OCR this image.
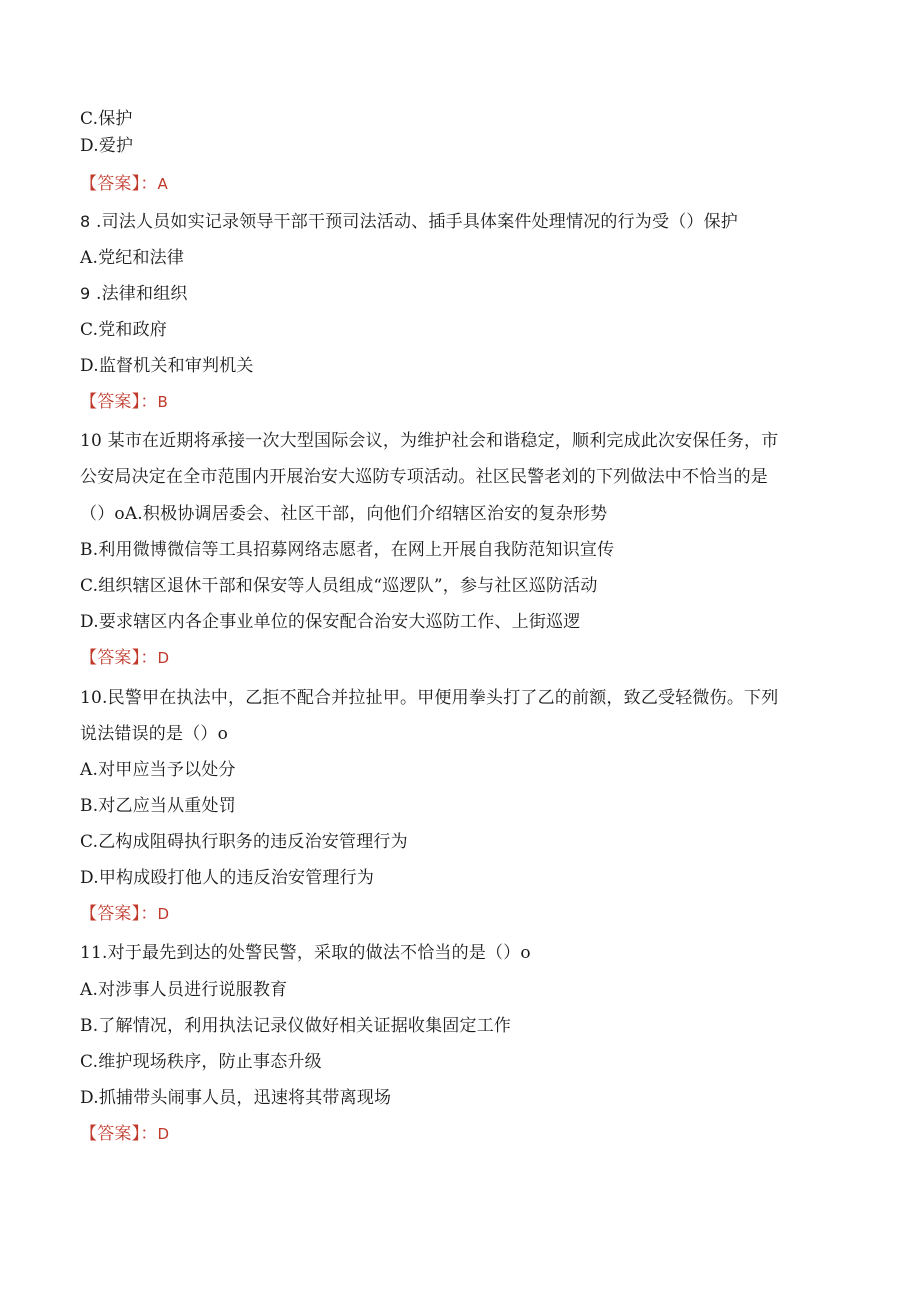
C.保护
D.爱护
【答案】：A
8 .司法人员如实记录领导干部干预司法活动、插手具体案件处理情况的行为受（）保护
A.党纪和法律
9 .法律和组织
C.党和政府
D.监督机关和审判机关
【答案】：B
10 某市在近期将承接一次大型国际会议，为维护社会和谐稳定，顺利完成此次安保任务，市
公安局决定在全市范围内开展治安大巡防专项活动。社区民警老刘的下列做法中不恰当的是
（）oA.积极协调居委会、社区干部，向他们介绍辖区治安的复杂形势
B.利用微博微信等工具招募网络志愿者，在网上开展自我防范知识宣传
C.组织辖区退休干部和保安等人员组成“巡逻队”，参与社区巡防活动
D.要求辖区内各企事业单位的保安配合治安大巡防工作、上街巡逻
【答案】：D
10.民警甲在执法中，乙拒不配合并拉扯甲。甲便用拳头打了乙的前额，致乙受轻微伤。下列
说法错误的是（）o
A.对甲应当予以处分
B.对乙应当从重处罚
C.乙构成阻碍执行职务的违反治安管理行为
D.甲构成殴打他人的违反治安管理行为
【答案】：D
11.对于最先到达的处警民警，采取的做法不恰当的是（）o
A.对涉事人员进行说服教育
B.了解情况，利用执法记录仪做好相关证据收集固定工作
C.维护现场秩序，防止事态升级
D.抓捕带头闹事人员，迅速将其带离现场
【答案】：D
